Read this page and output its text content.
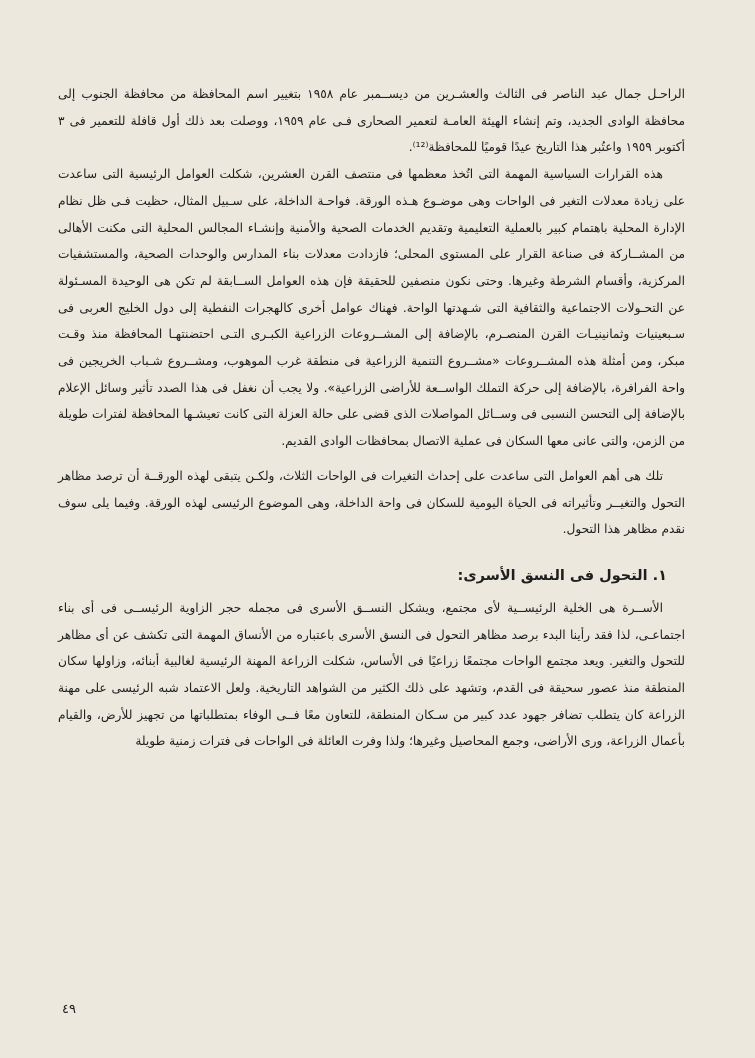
الراحـل جمال عبد الناصر فى الثالث والعشـرين من ديســمبر عام ١٩٥٨ بتغيير اسم المحافظة من محافظة الجنوب إلى محافظة الوادى الجديد، وتم إنشاء الهيئة العامـة لتعمير الصحارى فـى عام ١٩٥٩، ووصلت بعد ذلك أول قافلة للتعمير فى ٣ أكتوبر ١٩٥٩ واعتُبر هذا التاريخ عيدًا قوميًا للمحافظة⁽¹²⁾.

هذه القرارات السياسية المهمة التى اتُخذ معظمها فى منتصف القرن العشرين، شكلت العوامل الرئيسية التى ساعدت على زيادة معدلات التغير فى الواحات وهى موضـوع هـذه الورقة. فواحـة الداخلة، على سـبيل المثال، حظيت فـى ظل نظام الإدارة المحلية باهتمام كبير بالعملية التعليمية وتقديم الخدمات الصحية والأمنية وإنشـاء المجالس المحلية التى مكنت الأهالى من المشــاركة فى صناعة القرار على المستوى المحلى؛ فازدادت معدلات بناء المدارس والوحدات الصحية، والمستشفيات المركزية، وأقسام الشرطة وغيرها. وحتى نكون منصفين للحقيقة فإن هذه العوامل الســابقة لم تكن هى الوحيدة المسـئولة عن التحـولات الاجتماعية والثقافية التى شـهدتها الواحة. فهناك عوامل أخرى كالهجرات النفطية إلى دول الخليج العربى فى سـبعينيات وثمانينيـات القرن المنصـرم، بالإضافة إلى المشــروعات الزراعية الكبـرى التـى احتضنتهـا المحافظة منذ وقـت مبكر، ومن أمثلة هذه المشــروعات «مشــروع التنمية الزراعية فى منطقة غرب الموهوب، ومشــروع شـباب الخريجين فى واحة الفرافرة، بالإضافة إلى حركة التملك الواســعة للأراضى الزراعية». ولا يجب أن نغفل فى هذا الصدد تأثير وسائل الإعلام بالإضافة إلى التحسن النسبى فى وســائل المواصلات الذى قضى على حالة العزلة التى كانت تعيشـها المحافظة لفترات طويلة من الزمن، والتى عانى معها السكان فى عملية الاتصال بمحافظات الوادى القديم.

تلك هى أهم العوامل التى ساعدت على إحداث التغيرات فى الواحات الثلاث، ولكـن يتبقى لهذه الورقــة أن ترصد مظاهر التحول والتغيــر وتأثيراته فى الحياة اليومية للسكان فى واحة الداخلة، وهى الموضوع الرئيسى لهذه الورقة. وفيما يلى سوف نقدم مظاهر هذا التحول.

١. التحول فى النسق الأسرى:

الأســرة هى الخلية الرئيســية لأى مجتمع، ويشكل النســق الأسرى فى مجمله حجر الزاوية الرئيســى فى أى بناء اجتماعـى، لذا فقد رأينا البدء برصد مظاهر التحول فى النسق الأسرى باعتباره من الأنساق المهمة التى تكشف عن أى مظاهر للتحول والتغير. ويعد مجتمع الواحات مجتمعًا زراعيًا فى الأساس، شكلت الزراعة المهنة الرئيسية لغالبية أبنائه، وزاولها سكان المنطقة منذ عصور سحيقة فى القدم، وتشهد على ذلك الكثير من الشواهد التاريخية. ولعل الاعتماد شبه الرئيسى على مهنة الزراعة كان يتطلب تضافر جهود عدد كبير من سـكان المنطقة، للتعاون معًا فــى الوفاء بمتطلباتها من تجهيز للأرض، والقيام بأعمال الزراعة، ورى الأراضى، وجمع المحاصيل وغيرها؛ ولذا وفرت العائلة فى الواحات فى فترات زمنية طويلة

٤٩
